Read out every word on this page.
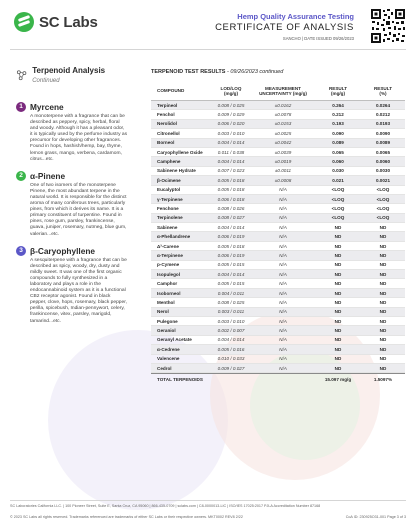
SC Labs	Hemp Quality Assurance Testing
CERTIFICATE OF ANALYSIS
SANCHO | DATE ISSUED 09/26/2023
Terpenoid Analysis Continued
1 Myrcene
A monoterpene with a fragrance that can be described as peppery, spicy, herbal, floral and woody. Although it has a pleasant odor, it is typically used by the perfume industry as precursor for developing other fragrances. Found in hops, hashish/hemp, bay, thyme, lemon grass, mango, verbena, cardamom, citrus...etc.
2 α-Pinene
One of two isomers of the monoterpene Pinene, the most abundant terpene in the natural world. It is responsible for the distinct aroma of many coniferous trees, particularly pines, from which it derives its name. It is a primary constituent of turpentine. Found in pines, rose gum, parsley, frankincense, guava, juniper, rosemary, nutmeg, blue gum, valerian...etc.
3 β-Caryophyllene
A sesquiterpene with a fragrance that can be described as spicy, woody, dry, dusty and mildly sweet. It was one of the first organic compounds to fully synthesized in a laboratory and plays a role in the endocannabinoid system as it is a functional CB2 receptor agonist. Found in black pepper, clove, hops, rosemary, black pepper, perilla, spicebush, Indian-pennywort, celery, frankincense, vitex, parsley, marigold, tamarind...etc.
TERPENOID TEST RESULTS - 09/26/2023 continued
COMPOUND
LOD/LOQ
(mg/g)
MEASUREMENT
UNCERTAINTY (mg/g)
RESULT
(mg/g)
RESULT
(%)
Terpineol	0.008 / 0.025	±0.0162	0.264	0.0264
Fenchol	0.009 / 0.029	±0.0078	0.212	0.0212
Nerolidol	0.006 / 0.020	±0.0153	0.193	0.0193
Citronellol	0.003 / 0.010	±0.0025	0.090	0.0090
Borneol	0.004 / 0.014	±0.0042	0.089	0.0089
Caryophyllene Oxide	0.011 / 0.038	±0.0039	0.065	0.0065
Camphene	0.004 / 0.014	±0.0019	0.060	0.0060
Sabinene Hydrate	0.007 / 0.023	±0.0011	0.030	0.0030
β-Ocimene	0.005 / 0.018	±0.0008	0.021	0.0021
Eucalyptol	0.005 / 0.018	N/A	<LOQ	<LOQ
γ-Terpinene	0.006 / 0.018	N/A	<LOQ	<LOQ
Fenchone	0.008 / 0.026	N/A	<LOQ	<LOQ
Terpinolene	0.008 / 0.027	N/A	<LOQ	<LOQ
Sabinene	0.004 / 0.014	N/A	ND	ND
α-Phellandrene	0.006 / 0.019	N/A	ND	ND
Δ³-Carene	0.005 / 0.018	N/A	ND	ND
α-Terpinene	0.006 / 0.019	N/A	ND	ND
p-Cymene	0.005 / 0.015	N/A	ND	ND
Isopulegol	0.004 / 0.014	N/A	ND	ND
Camphor	0.005 / 0.015	N/A	ND	ND
Isoborneol	0.004 / 0.011	N/A	ND	ND
Menthol	0.008 / 0.025	N/A	ND	ND
Nerol	0.003 / 0.011	N/A	ND	ND
Pulegone	0.003 / 0.010	N/A	ND	ND
Geraniol	0.002 / 0.007	N/A	ND	ND
Geranyl Acetate	0.004 / 0.014	N/A	ND	ND
α-Cedrene	0.005 / 0.016	N/A	ND	ND
Valencene	0.010 / 0.033	N/A	ND	ND
Cedrol	0.009 / 0.027	N/A	ND	ND
TOTAL TERPENOIDS	15.097 mg/g	1.5097%
SC Laboratories California LLC. | 100 Pioneer Street, Suite E, Santa Cruz, CA 95060 | 866-435-0709 | sclabs.com | C8-0000013-LIC | ISO/IES 17025:2017 PJLA Accreditation Number 87168
© 2023 SC Labs all rights reserved. Trademarks referenced are trademarks of either SC Labs or their respective owners. MKT0002 REV8 2/22	CoA ID: 230925O31-001 Page 3 of 3
